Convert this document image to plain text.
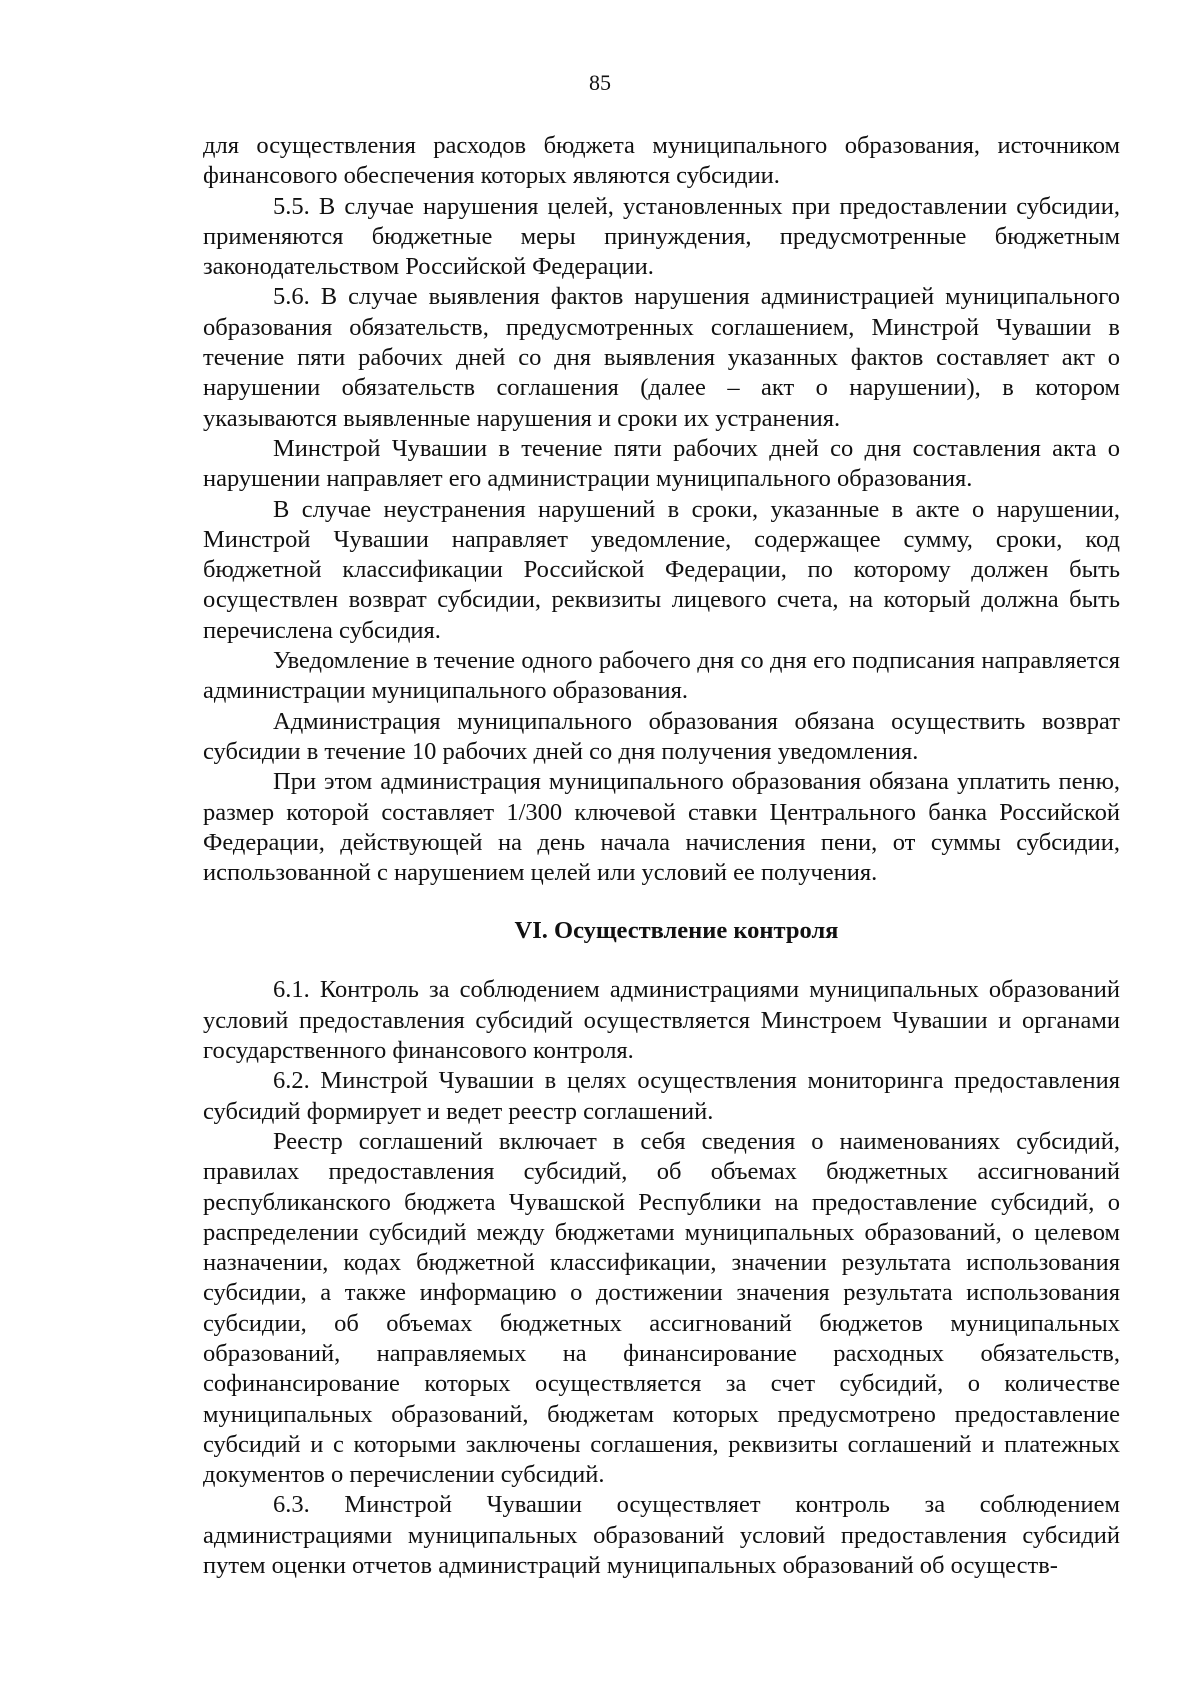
85

для осуществления расходов бюджета муниципального образования, источником финансового обеспечения которых являются субсидии.

5.5. В случае нарушения целей, установленных при предоставлении субсидии, применяются бюджетные меры принуждения, предусмотренные бюджетным законодательством Российской Федерации.

5.6. В случае выявления фактов нарушения администрацией муниципального образования обязательств, предусмотренных соглашением, Минстрой Чувашии в течение пяти рабочих дней со дня выявления указанных фактов составляет акт о нарушении обязательств соглашения (далее – акт о нарушении), в котором указываются выявленные нарушения и сроки их устранения.

Минстрой Чувашии в течение пяти рабочих дней со дня составления акта о нарушении направляет его администрации муниципального образования.

В случае неустранения нарушений в сроки, указанные в акте о нарушении, Минстрой Чувашии направляет уведомление, содержащее сумму, сроки, код бюджетной классификации Российской Федерации, по которому должен быть осуществлен возврат субсидии, реквизиты лицевого счета, на который должна быть перечислена субсидия.

Уведомление в течение одного рабочего дня со дня его подписания направляется администрации муниципального образования.

Администрация муниципального образования обязана осуществить возврат субсидии в течение 10 рабочих дней со дня получения уведомления.

При этом администрация муниципального образования обязана уплатить пеню, размер которой составляет 1/300 ключевой ставки Центрального банка Российской Федерации, действующей на день начала начисления пени, от суммы субсидии, использованной с нарушением целей или условий ее получения.

VI. Осуществление контроля

6.1. Контроль за соблюдением администрациями муниципальных образований условий предоставления субсидий осуществляется Минстроем Чувашии и органами государственного финансового контроля.

6.2. Минстрой Чувашии в целях осуществления мониторинга предоставления субсидий формирует и ведет реестр соглашений.

Реестр соглашений включает в себя сведения о наименованиях субсидий, правилах предоставления субсидий, об объемах бюджетных ассигнований республиканского бюджета Чувашской Республики на предоставление субсидий, о распределении субсидий между бюджетами муниципальных образований, о целевом назначении, кодах бюджетной классификации, значении результата использования субсидии, а также информацию о достижении значения результата использования субсидии, об объемах бюджетных ассигнований бюджетов муниципальных образований, направляемых на финансирование расходных обязательств, софинансирование которых осуществляется за счет субсидий, о количестве муниципальных образований, бюджетам которых предусмотрено предоставление субсидий и с которыми заключены соглашения, реквизиты соглашений и платежных документов о перечислении субсидий.

6.3. Минстрой Чувашии осуществляет контроль за соблюдением администрациями муниципальных образований условий предоставления субсидий путем оценки отчетов администраций муниципальных образований об осуществ-
